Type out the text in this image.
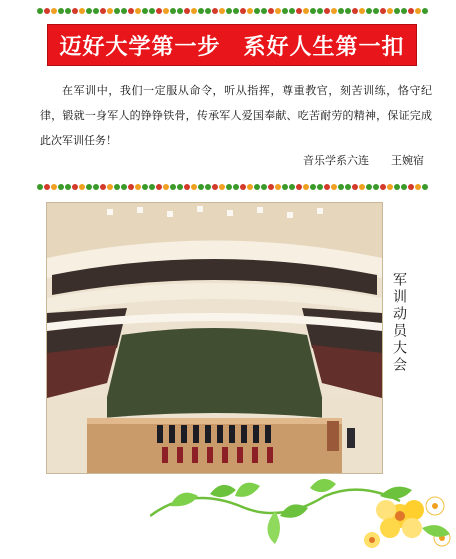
迈好大学第一步　系好人生第一扣
在军训中，我们一定服从命令，听从指挥，尊重教官，刻苦训练，恪守纪律，锻就一身军人的铮铮铁骨，传承军人爱国奉献、吃苦耐劳的精神，保证完成此次军训任务！
音乐学系六连　　王婉宿
军训动员大会
